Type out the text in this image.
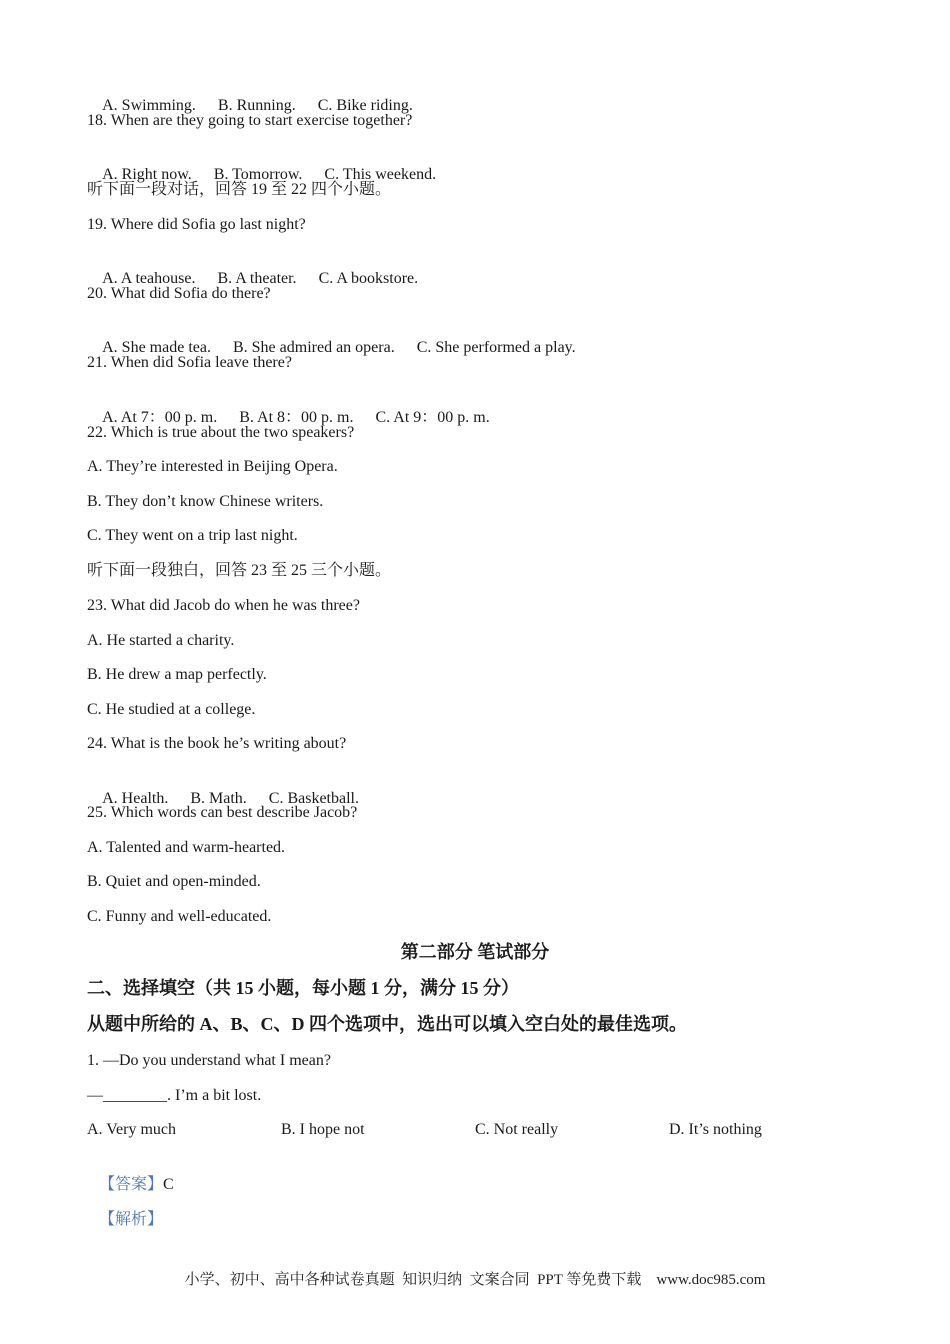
A. Swimming. B. Running. C. Bike riding.

18. When are they going to start exercise together?

A. Right now. B. Tomorrow. C. This weekend.

听下面一段对话，回答 19 至 22 四个小题。
19. Where did Sofia go last night?

A. A teahouse. B. A theater. C. A bookstore.

20. What did Sofia do there?

A. She made tea. B. She admired an opera. C. She performed a play.

21. When did Sofia leave there?

A. At 7：00 p. m. B. At 8：00 p. m. C. At 9：00 p. m.

22. Which is true about the two speakers?
A. They’re interested in Beijing Opera.
B. They don’t know Chinese writers.
C. They went on a trip last night.
听下面一段独白，回答 23 至 25 三个小题。
23. What did Jacob do when he was three?
A. He started a charity.
B. He drew a map perfectly.
C. He studied at a college.
24. What is the book he’s writing about?

A. Health. B. Math. C. Basketball.

25. Which words can best describe Jacob?
A. Talented and warm-hearted.
B. Quiet and open-minded.
C. Funny and well-educated.
第二部分 笔试部分
二、选择填空（共 15 小题，每小题 1 分，满分 15 分）
从题中所给的 A、B、C、D 四个选项中，选出可以填入空白处的最佳选项。
1. —Do you understand what I mean?
—________. I’m a bit lost.
A. Very much	B. I hope not	C. Not really	D. It’s nothing

【答案】C

【解析】

小学、初中、高中各种试卷真题  知识归纳  文案合同  PPT 等免费下载    www.doc985.com
